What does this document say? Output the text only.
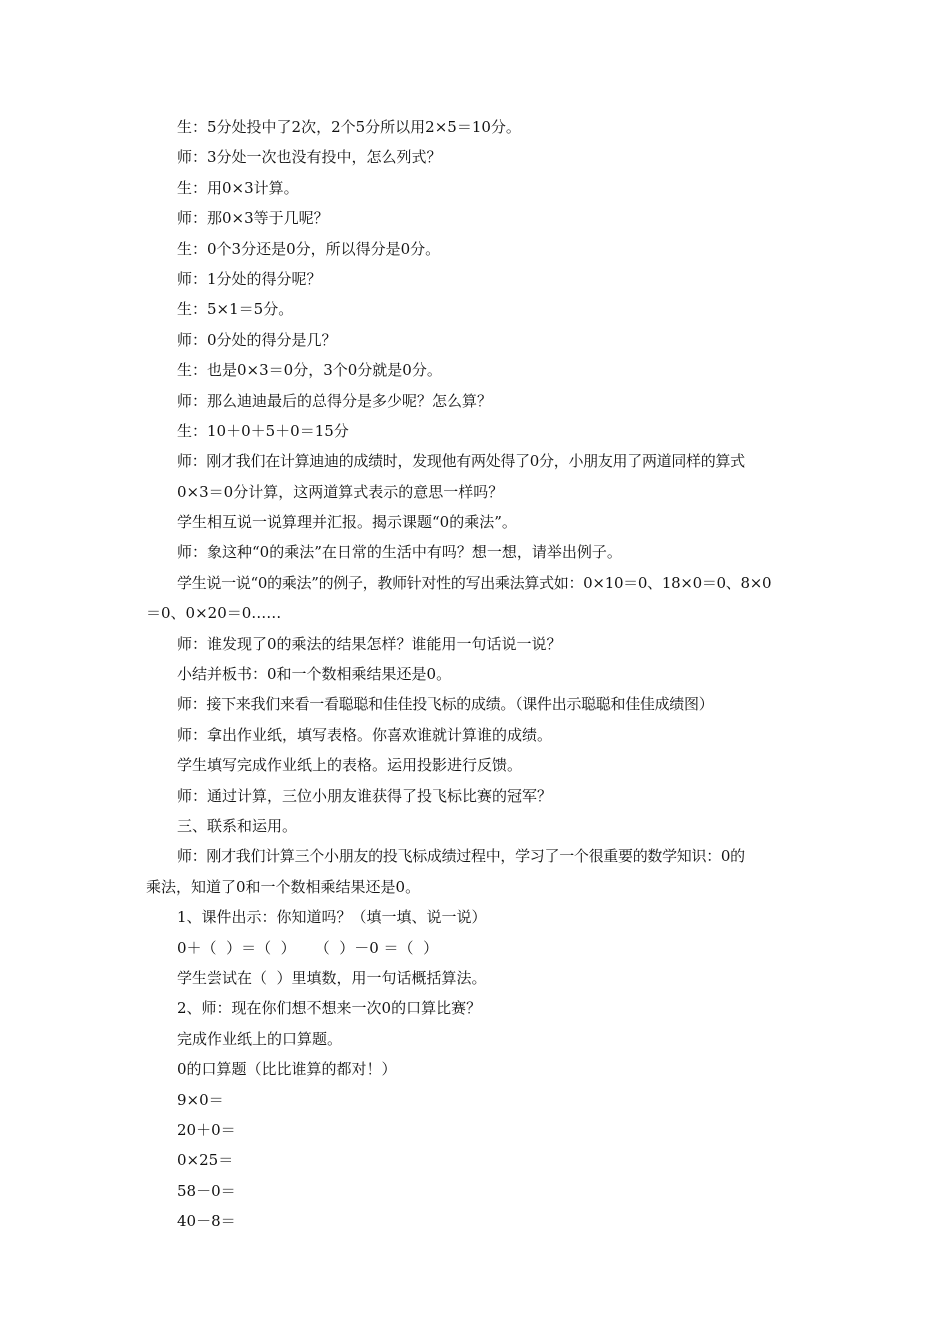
生：5分处投中了2次，2个5分所以用2×5＝10分。
师：3分处一次也没有投中，怎么列式？
生：用0×3计算。
师：那0×3等于几呢？
生：0个3分还是0分，所以得分是0分。
师：1分处的得分呢？
生：5×1＝5分。
师：0分处的得分是几？
生：也是0×3＝0分，3个0分就是0分。
师：那么迪迪最后的总得分是多少呢？怎么算？
生：10＋0＋5＋0＝15分
师：刚才我们在计算迪迪的成绩时，发现他有两处得了0分，小朋友用了两道同样的算式
0×3＝0分计算，这两道算式表示的意思一样吗？
学生相互说一说算理并汇报。揭示课题“0的乘法”。
师：象这种“0的乘法”在日常的生活中有吗？想一想，请举出例子。
学生说一说“0的乘法”的例子，教师针对性的写出乘法算式如：0×10＝0、18×0＝0、8×0
＝0、0×20＝0……
师：谁发现了0的乘法的结果怎样？谁能用一句话说一说？
小结并板书：0和一个数相乘结果还是0。
师：接下来我们来看一看聪聪和佳佳投飞标的成绩。（课件出示聪聪和佳佳成绩图）
师：拿出作业纸，填写表格。你喜欢谁就计算谁的成绩。
学生填写完成作业纸上的表格。运用投影进行反馈。
师：通过计算，三位小朋友谁获得了投飞标比赛的冠军？
三、联系和运用。
师：刚才我们计算三个小朋友的投飞标成绩过程中，学习了一个很重要的数学知识：0的
乘法，知道了0和一个数相乘结果还是0。
1、课件出示：你知道吗？（填一填、说一说）
0＋（  ）＝（  ）    （  ）－0 ＝（  ）
学生尝试在（  ）里填数，用一句话概括算法。
2、师：现在你们想不想来一次0的口算比赛？
完成作业纸上的口算题。
0的口算题（比比谁算的都对！）
9×0＝
20＋0＝
0×25＝
58－0＝
40－8＝
